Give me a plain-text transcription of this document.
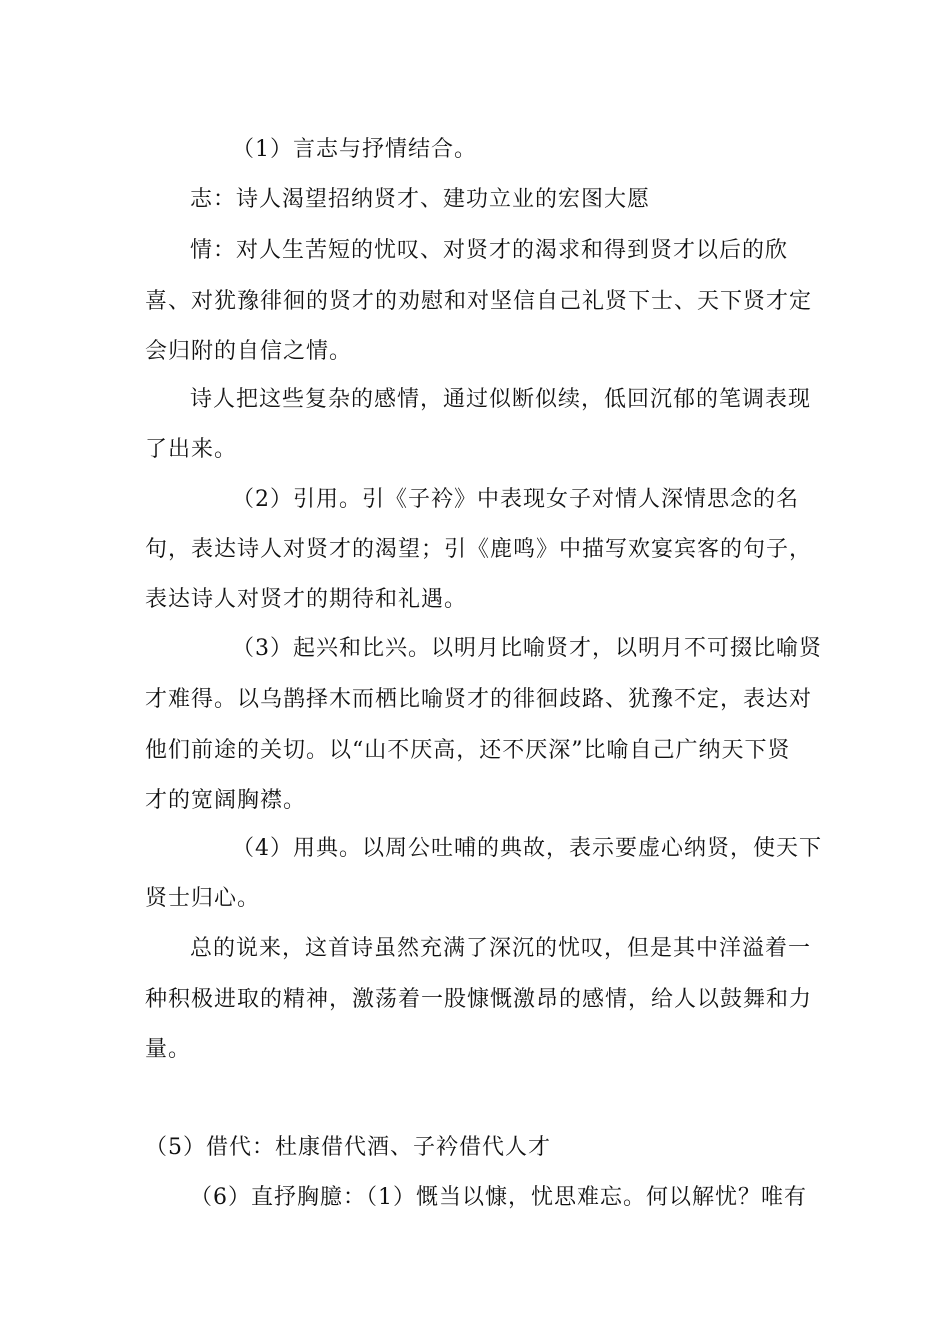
（1）言志与抒情结合。
志：诗人渴望招纳贤才、建功立业的宏图大愿
情：对人生苦短的忧叹、对贤才的渴求和得到贤才以后的欣
喜、对犹豫徘徊的贤才的劝慰和对坚信自己礼贤下士、天下贤才定
会归附的自信之情。
诗人把这些复杂的感情，通过似断似续，低回沉郁的笔调表现
了出来。
（2）引用。引《子衿》中表现女子对情人深情思念的名
句，表达诗人对贤才的渴望；引《鹿鸣》中描写欢宴宾客的句子，
表达诗人对贤才的期待和礼遇。
（3）起兴和比兴。以明月比喻贤才，以明月不可掇比喻贤
才难得。以乌鹊择木而栖比喻贤才的徘徊歧路、犹豫不定，表达对
他们前途的关切。以“山不厌高，还不厌深”比喻自己广纳天下贤
才的宽阔胸襟。
（4）用典。以周公吐哺的典故，表示要虚心纳贤，使天下
贤士归心。
总的说来，这首诗虽然充满了深沉的忧叹，但是其中洋溢着一
种积极进取的精神，激荡着一股慷慨激昂的感情，给人以鼓舞和力
量。
（5）借代：杜康借代酒、子衿借代人才
（6）直抒胸臆：（1）慨当以慷，忧思难忘。何以解忧？唯有
